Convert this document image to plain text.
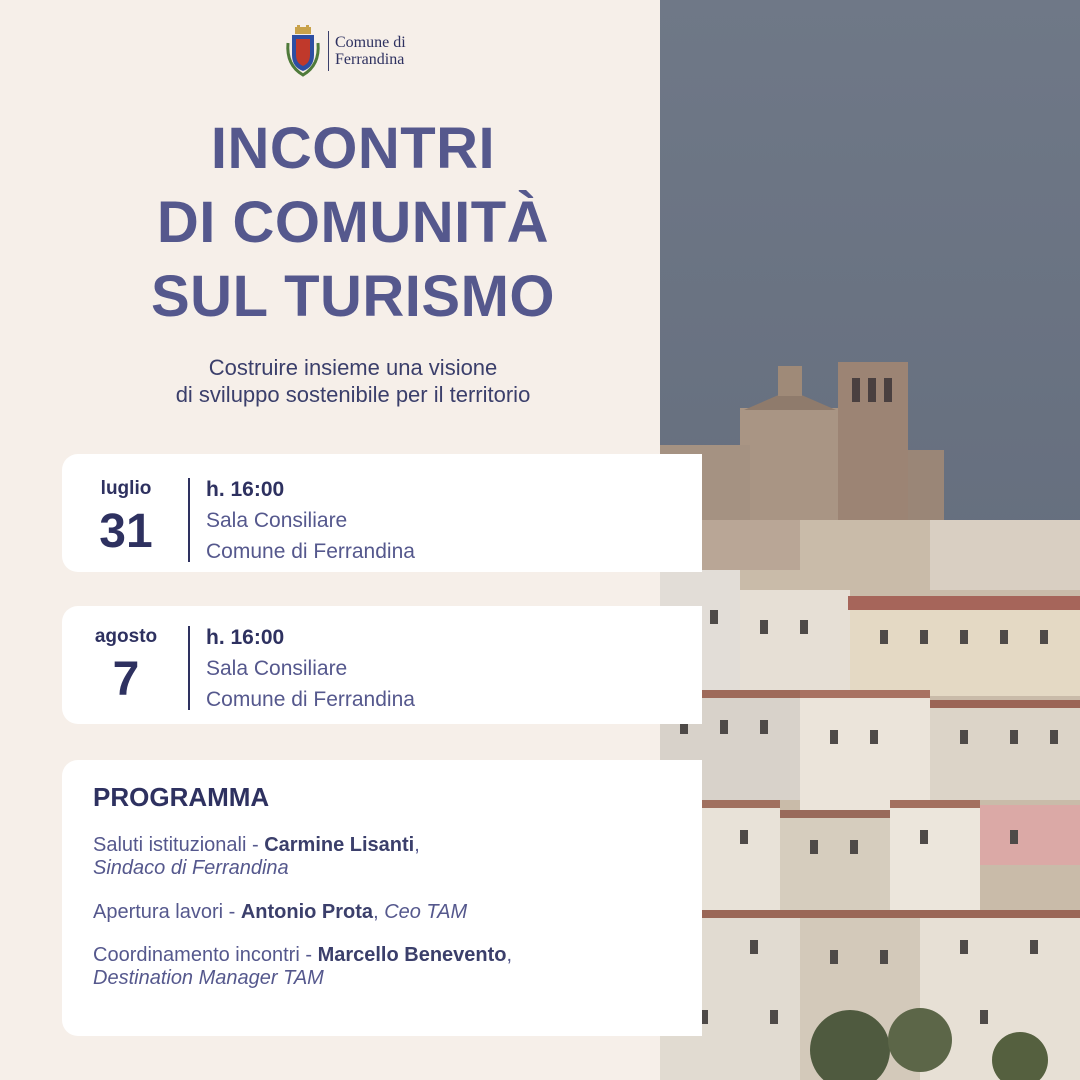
Comune di
Ferrandina
INCONTRI
DI COMUNITÀ
SUL TURISMO
Costruire insieme una visione
di sviluppo sostenibile per il territorio
luglio
31
h. 16:00
Sala Consiliare
Comune di Ferrandina
agosto
7
h. 16:00
Sala Consiliare
Comune di Ferrandina
PROGRAMMA
Saluti istituzionali - Carmine Lisanti,
Sindaco di Ferrandina
Apertura lavori - Antonio Prota, Ceo TAM
Coordinamento incontri - Marcello Benevento,
Destination Manager TAM
